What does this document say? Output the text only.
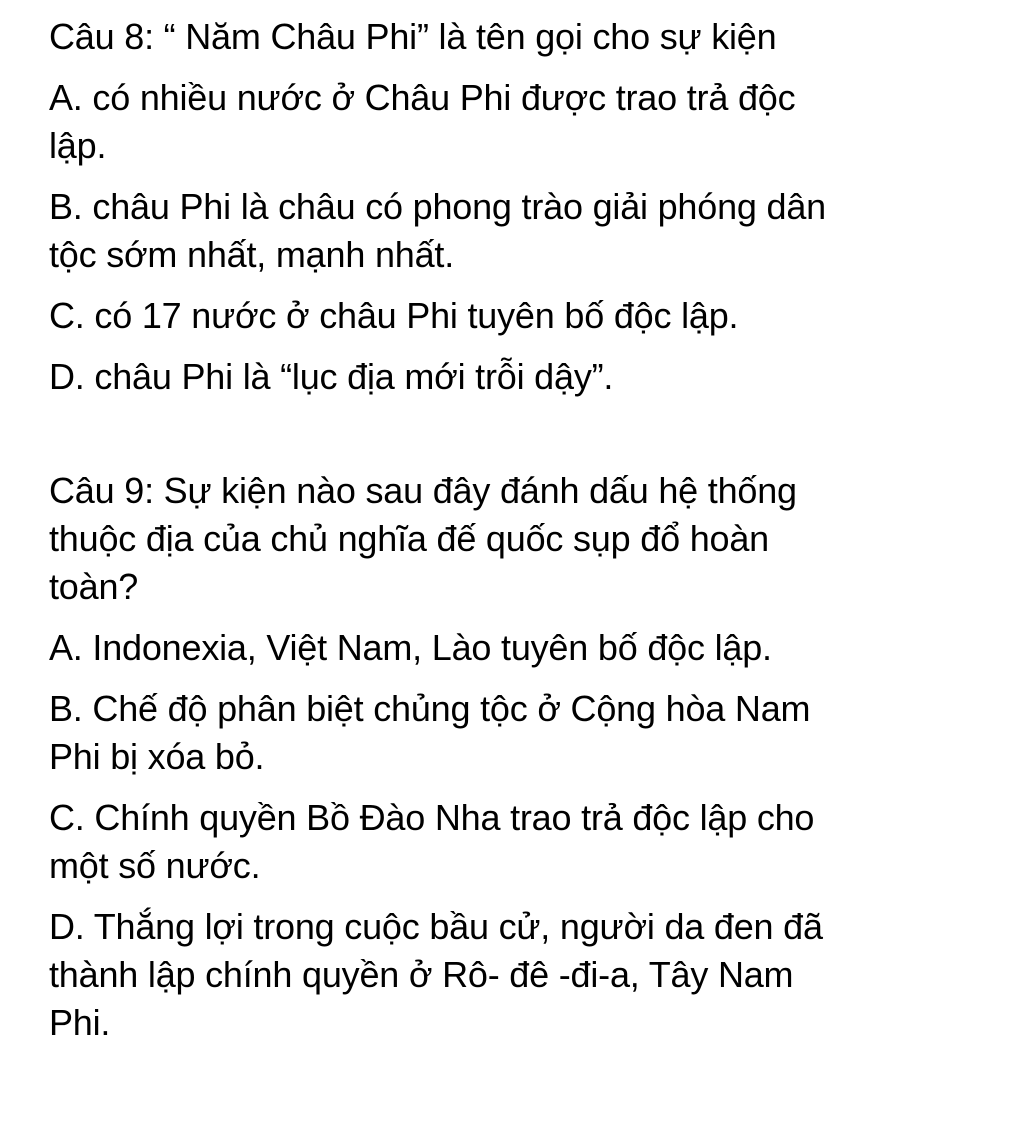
Câu 8: “ Năm Châu Phi” là tên gọi cho sự kiện
A. có nhiều nước ở Châu Phi được trao trả độc
lập.
B. châu Phi là châu có phong trào giải phóng dân
tộc sớm nhất, mạnh nhất.
C. có 17 nước ở châu Phi tuyên bố độc lập.
D. châu Phi là “lục địa mới trỗi dậy”.
Câu 9: Sự kiện nào sau đây đánh dấu hệ thống
thuộc địa của chủ nghĩa đế quốc sụp đổ hoàn
toàn?
A. Indonexia, Việt Nam, Lào tuyên bố độc lập.
B. Chế độ phân biệt chủng tộc ở Cộng hòa Nam
Phi bị xóa bỏ.
C. Chính quyền Bồ Đào Nha trao trả độc lập cho
một số nước.
D. Thắng lợi trong cuộc bầu cử, người da đen đã
thành lập chính quyền ở Rô- đê -đi-a, Tây Nam
Phi.
